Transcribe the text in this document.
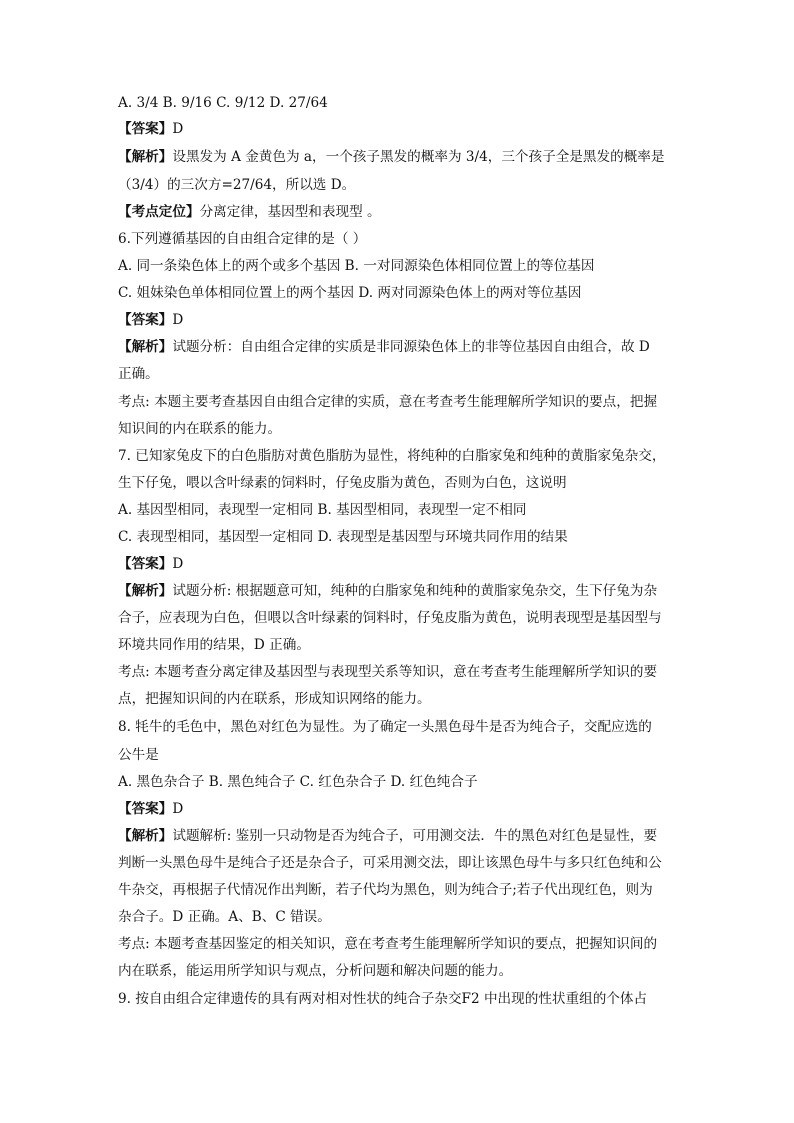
A. 3/4 B. 9/16 C. 9/12 D. 27/64
【答案】D
【解析】设黑发为 A 金黄色为 a，一个孩子黑发的概率为 3/4，三个孩子全是黑发的概率是
（3/4）的三次方=27/64，所以选 D。
【考点定位】分离定律，基因型和表现型 。
6.下列遵循基因的自由组合定律的是（ ）
A. 同一条染色体上的两个或多个基因 B. 一对同源染色体相同位置上的等位基因
C. 姐妹染色单体相同位置上的两个基因 D. 两对同源染色体上的两对等位基因
【答案】D
【解析】试题分析：自由组合定律的实质是非同源染色体上的非等位基因自由组合，故 D
正确。
考点: 本题主要考查基因自由组合定律的实质，意在考查考生能理解所学知识的要点，把握
知识间的内在联系的能力。
7. 已知家兔皮下的白色脂肪对黄色脂肪为显性，将纯种的白脂家兔和纯种的黄脂家兔杂交，
生下仔兔，喂以含叶绿素的饲料时，仔兔皮脂为黄色，否则为白色，这说明
A. 基因型相同，表现型一定相同 B. 基因型相同，表现型一定不相同
C. 表现型相同，基因型一定相同 D. 表现型是基因型与环境共同作用的结果
【答案】D
【解析】试题分析: 根据题意可知，纯种的白脂家兔和纯种的黄脂家兔杂交，生下仔兔为杂
合子，应表现为白色，但喂以含叶绿素的饲料时，仔兔皮脂为黄色，说明表现型是基因型与
环境共同作用的结果，D 正确。
考点: 本题考查分离定律及基因型与表现型关系等知识，意在考查考生能理解所学知识的要
点，把握知识间的内在联系，形成知识网络的能力。
8. 牦牛的毛色中，黑色对红色为显性。为了确定一头黑色母牛是否为纯合子，交配应选的
公牛是
A. 黑色杂合子 B. 黑色纯合子 C. 红色杂合子 D. 红色纯合子
【答案】D
【解析】试题解析: 鉴别一只动物是否为纯合子，可用测交法．牛的黑色对红色是显性，要
判断一头黑色母牛是纯合子还是杂合子，可采用测交法，即让该黑色母牛与多只红色纯和公
牛杂交，再根据子代情况作出判断，若子代均为黑色，则为纯合子;若子代出现红色，则为
杂合子。D 正确。A、B、C 错误。
考点: 本题考查基因鉴定的相关知识，意在考查考生能理解所学知识的要点，把握知识间的
内在联系，能运用所学知识与观点，分析问题和解决问题的能力。
9. 按自由组合定律遗传的具有两对相对性状的纯合子杂交F2 中出现的性状重组的个体占
